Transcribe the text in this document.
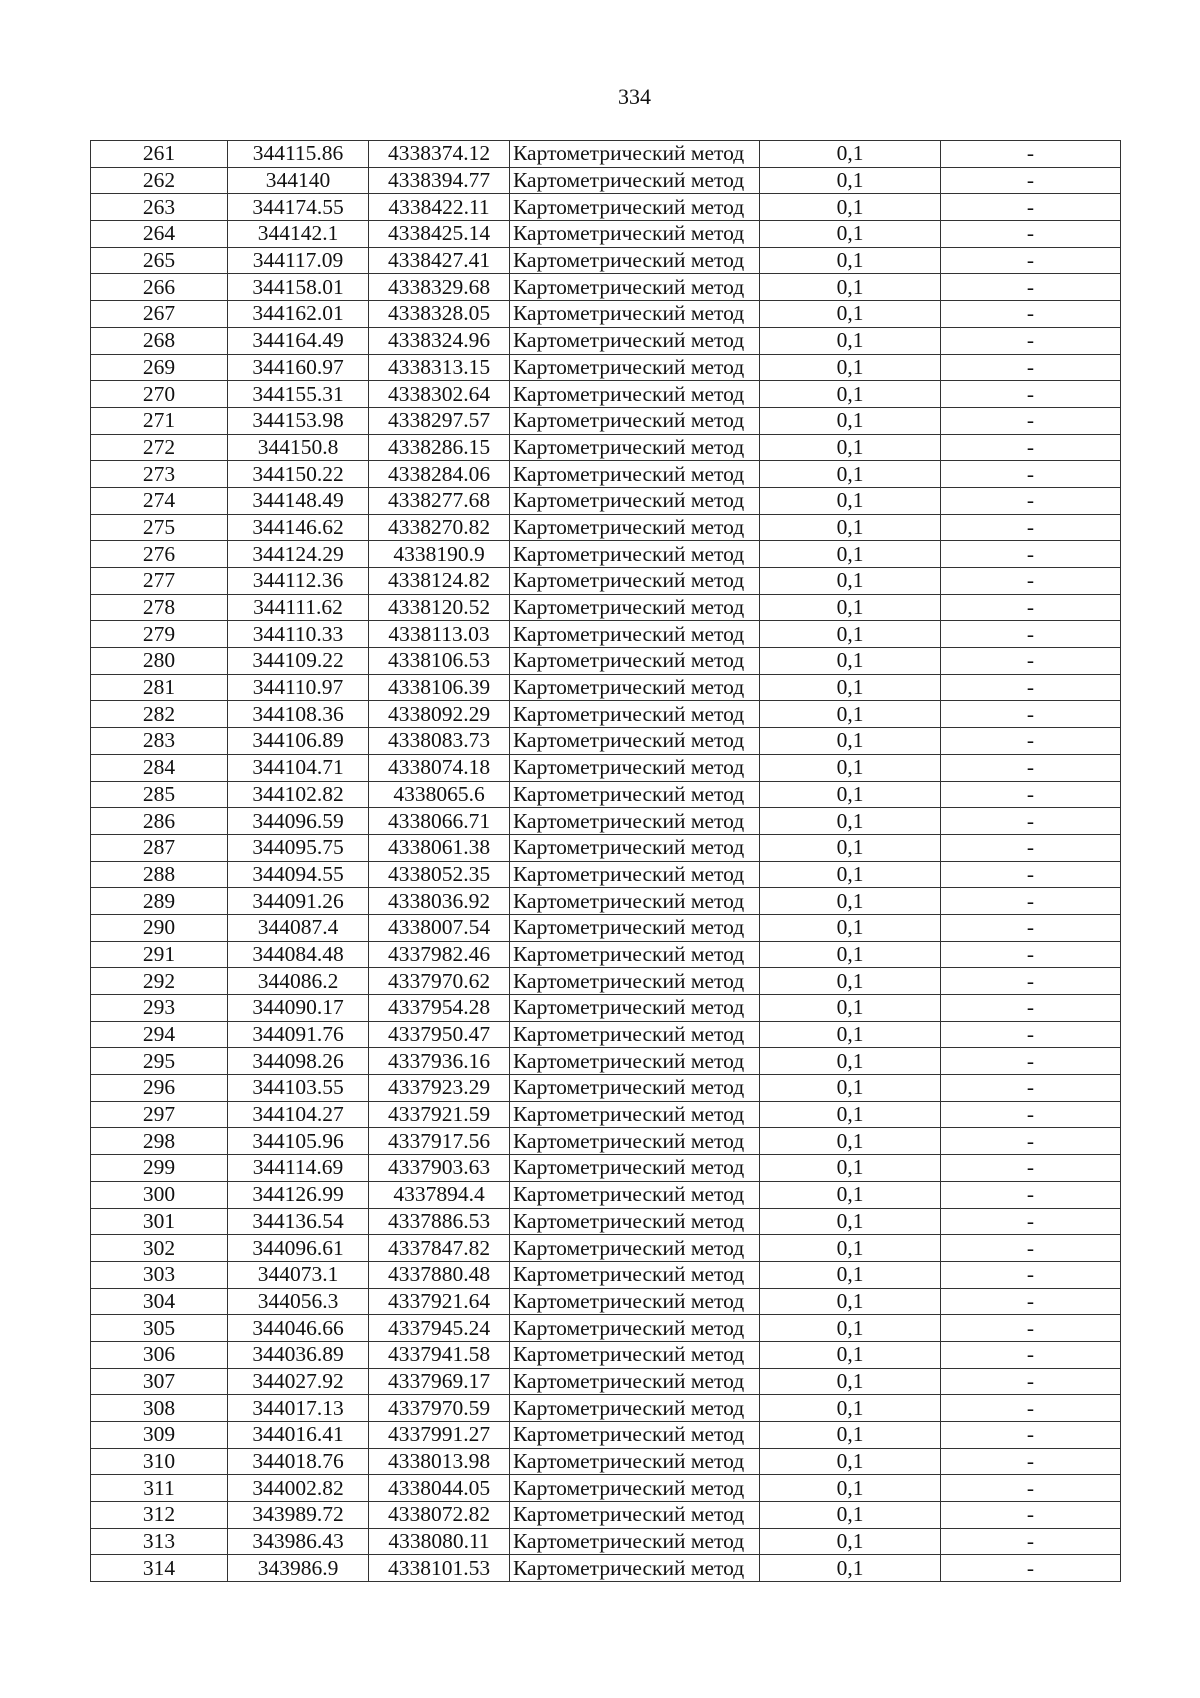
334
261	344115.86	4338374.12	Картометрический метод	0,1	-
262	344140	4338394.77	Картометрический метод	0,1	-
263	344174.55	4338422.11	Картометрический метод	0,1	-
264	344142.1	4338425.14	Картометрический метод	0,1	-
265	344117.09	4338427.41	Картометрический метод	0,1	-
266	344158.01	4338329.68	Картометрический метод	0,1	-
267	344162.01	4338328.05	Картометрический метод	0,1	-
268	344164.49	4338324.96	Картометрический метод	0,1	-
269	344160.97	4338313.15	Картометрический метод	0,1	-
270	344155.31	4338302.64	Картометрический метод	0,1	-
271	344153.98	4338297.57	Картометрический метод	0,1	-
272	344150.8	4338286.15	Картометрический метод	0,1	-
273	344150.22	4338284.06	Картометрический метод	0,1	-
274	344148.49	4338277.68	Картометрический метод	0,1	-
275	344146.62	4338270.82	Картометрический метод	0,1	-
276	344124.29	4338190.9	Картометрический метод	0,1	-
277	344112.36	4338124.82	Картометрический метод	0,1	-
278	344111.62	4338120.52	Картометрический метод	0,1	-
279	344110.33	4338113.03	Картометрический метод	0,1	-
280	344109.22	4338106.53	Картометрический метод	0,1	-
281	344110.97	4338106.39	Картометрический метод	0,1	-
282	344108.36	4338092.29	Картометрический метод	0,1	-
283	344106.89	4338083.73	Картометрический метод	0,1	-
284	344104.71	4338074.18	Картометрический метод	0,1	-
285	344102.82	4338065.6	Картометрический метод	0,1	-
286	344096.59	4338066.71	Картометрический метод	0,1	-
287	344095.75	4338061.38	Картометрический метод	0,1	-
288	344094.55	4338052.35	Картометрический метод	0,1	-
289	344091.26	4338036.92	Картометрический метод	0,1	-
290	344087.4	4338007.54	Картометрический метод	0,1	-
291	344084.48	4337982.46	Картометрический метод	0,1	-
292	344086.2	4337970.62	Картометрический метод	0,1	-
293	344090.17	4337954.28	Картометрический метод	0,1	-
294	344091.76	4337950.47	Картометрический метод	0,1	-
295	344098.26	4337936.16	Картометрический метод	0,1	-
296	344103.55	4337923.29	Картометрический метод	0,1	-
297	344104.27	4337921.59	Картометрический метод	0,1	-
298	344105.96	4337917.56	Картометрический метод	0,1	-
299	344114.69	4337903.63	Картометрический метод	0,1	-
300	344126.99	4337894.4	Картометрический метод	0,1	-
301	344136.54	4337886.53	Картометрический метод	0,1	-
302	344096.61	4337847.82	Картометрический метод	0,1	-
303	344073.1	4337880.48	Картометрический метод	0,1	-
304	344056.3	4337921.64	Картометрический метод	0,1	-
305	344046.66	4337945.24	Картометрический метод	0,1	-
306	344036.89	4337941.58	Картометрический метод	0,1	-
307	344027.92	4337969.17	Картометрический метод	0,1	-
308	344017.13	4337970.59	Картометрический метод	0,1	-
309	344016.41	4337991.27	Картометрический метод	0,1	-
310	344018.76	4338013.98	Картометрический метод	0,1	-
311	344002.82	4338044.05	Картометрический метод	0,1	-
312	343989.72	4338072.82	Картометрический метод	0,1	-
313	343986.43	4338080.11	Картометрический метод	0,1	-
314	343986.9	4338101.53	Картометрический метод	0,1	-
